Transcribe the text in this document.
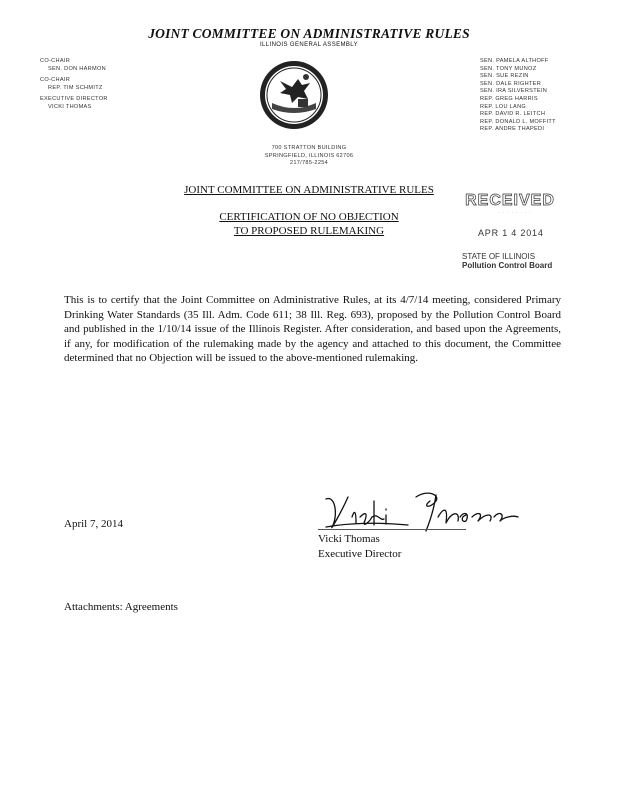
JOINT COMMITTEE ON ADMINISTRATIVE RULES
ILLINOIS GENERAL ASSEMBLY
CO-CHAIR
SEN. DON HARMON
CO-CHAIR
REP. TIM SCHMITZ
EXECUTIVE DIRECTOR
VICKI THOMAS
SEN. PAMELA ALTHOFF
SEN. TONY MUNOZ
SEN. SUE REZIN
SEN. DALE RIGHTER
SEN. IRA SILVERSTEIN
REP. GREG HARRIS
REP. LOU LANG
REP. DAVID R. LEITCH
REP. DONALD L. MOFFITT
REP. ANDRE THAPEDI
700 STRATTON BUILDING
SPRINGFIELD, ILLINOIS 62706
217/785-2254
RECEIVED
· · · · · · · ·
APR 1 4 2014
STATE OF ILLINOIS
Pollution Control Board
JOINT COMMITTEE ON ADMINISTRATIVE RULES
CERTIFICATION OF NO OBJECTION
TO PROPOSED RULEMAKING
This is to certify that the Joint Committee on Administrative Rules, at its 4/7/14 meeting, considered Primary Drinking Water Standards (35 Ill. Adm. Code 611; 38 Ill. Reg. 693), proposed by the Pollution Control Board and published in the 1/10/14 issue of the Illinois Register. After consideration, and based upon the Agreements, if any, for modification of the rulemaking made by the agency and attached to this document, the Committee determined that no Objection will be issued to the above-mentioned rulemaking.
April 7, 2014
Vicki Thomas
Executive Director
Attachments: Agreements
